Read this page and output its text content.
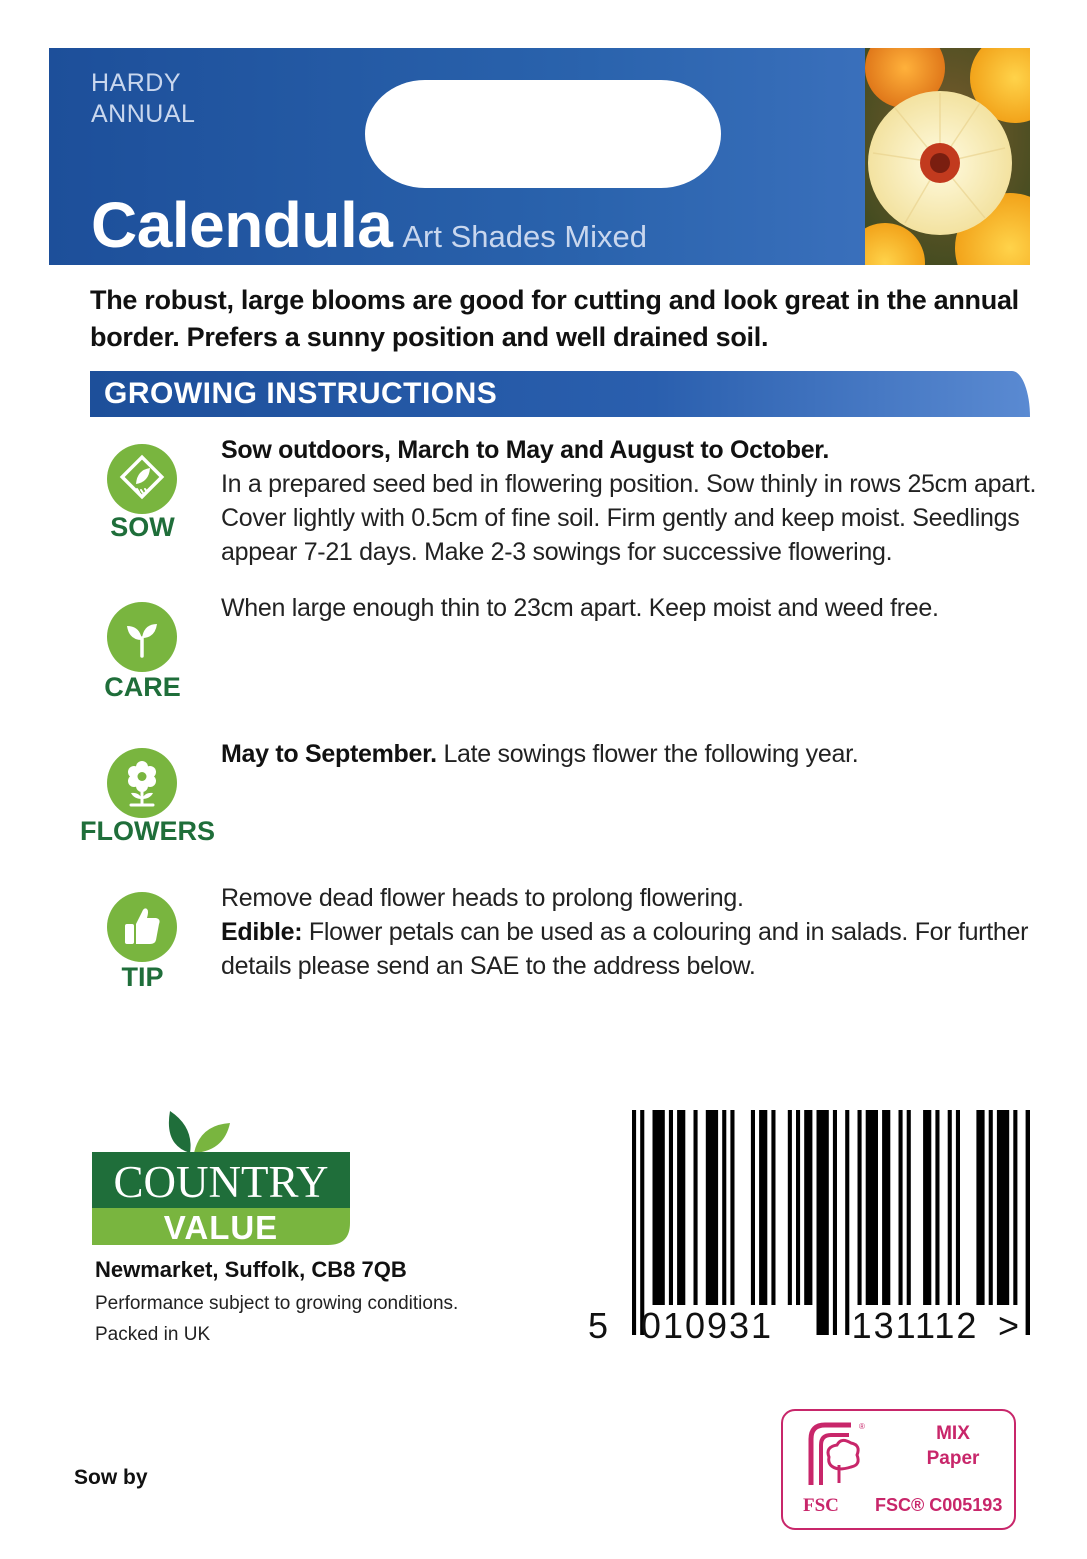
HARDY
ANNUAL
Calendula Art Shades Mixed
The robust, large blooms are good for cutting and look great in the annual border. Prefers a sunny position and well drained soil.
GROWING INSTRUCTIONS
SOW
Sow outdoors, March to May and August to October.
In a prepared seed bed in flowering position. Sow thinly in rows 25cm apart. Cover lightly with 0.5cm of fine soil. Firm gently and keep moist. Seedlings appear 7-21 days. Make 2-3 sowings for successive flowering.
CARE
When large enough thin to 23cm apart. Keep moist and weed free.
FLOWERS
May to September. Late sowings flower the following year.
TIP
Remove dead flower heads to prolong flowering.
Edible: Flower petals can be used as a colouring and in salads. For further details please send an SAE to the address below.
COUNTRY
VALUE
Newmarket, Suffolk, CB8 7QB
Performance subject to growing conditions.
Packed in UK
Sow by
5 010931 131112 >
®	MIX
Paper
FSC FSC® C005193
